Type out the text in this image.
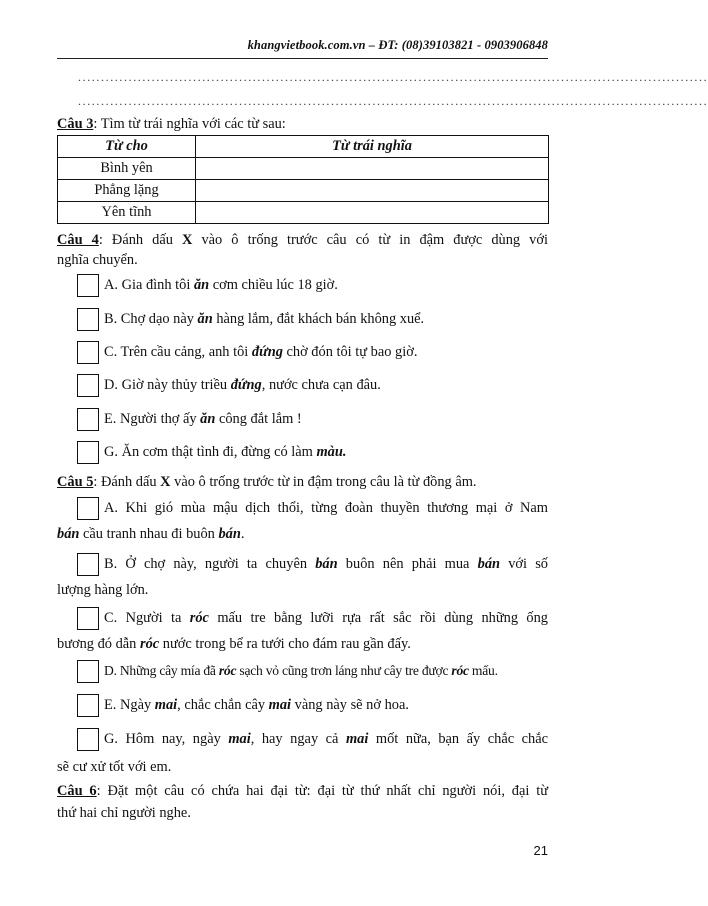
khangvietbook.com.vn – ĐT: (08)39103821 - 0903906848
.........................................................................................................................................
.........................................................................................................................................
Câu 3: Tìm từ trái nghĩa với các từ sau:
Từ cho	Từ trái nghĩa
Bình yên	
Phẳng lặng	
Yên tĩnh	
Câu 4: Đánh dấu X vào ô trống trước câu có từ in đậm được dùng với
nghĩa chuyển.
A. Gia đình tôi ăn cơm chiều lúc 18 giờ.
B. Chợ dạo này ăn hàng lắm, đắt khách bán không xuể.
C. Trên cầu cảng, anh tôi đứng chờ đón tôi tự bao giờ.
D. Giờ này thủy triều đứng, nước chưa cạn đâu.
E. Người thợ ấy ăn công đắt lắm !
G. Ăn cơm thật tình đi, đừng có làm màu.
Câu 5: Đánh dấu X vào ô trống trước từ in đậm trong câu là từ đồng âm.
A. Khi gió mùa mậu dịch thổi, từng đoàn thuyền thương mại ở Nam
bán cầu tranh nhau đi buôn bán.
B. Ở chợ này, người ta chuyên bán buôn nên phải mua bán với số
lượng hàng lớn.
C. Người ta róc mấu tre bằng lưỡi rựa rất sắc rồi dùng những ống
bương đó dẫn róc nước trong bể ra tưới cho đám rau gần đấy.
D. Những cây mía đã róc sạch vỏ cũng trơn láng như cây tre được róc mấu.
E. Ngày mai, chắc chắn cây mai vàng này sẽ nở hoa.
G. Hôm nay, ngày mai, hay ngay cả mai mốt nữa, bạn ấy chắc chắc
sẽ cư xử tốt với em.
Câu 6: Đặt một câu có chứa hai đại từ: đại từ thứ nhất chỉ người nói, đại từ
thứ hai chỉ người nghe.
21
